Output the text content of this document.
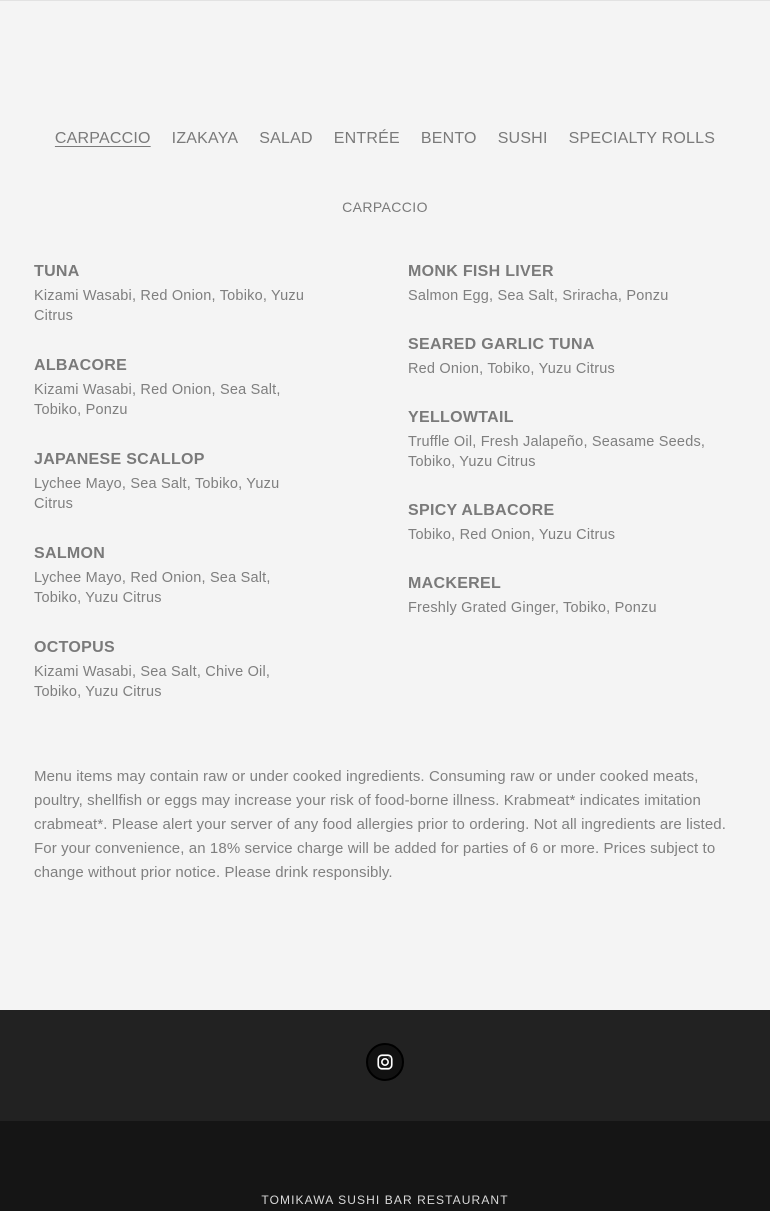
CARPACCIO	IZAKAYA	SALAD	ENTRÉE	BENTO	SUSHI	SPECIALTY ROLLS
CARPACCIO
TUNA
Kizami Wasabi, Red Onion, Tobiko, Yuzu Citrus
ALBACORE
Kizami Wasabi, Red Onion, Sea Salt, Tobiko, Ponzu
JAPANESE SCALLOP
Lychee Mayo, Sea Salt, Tobiko, Yuzu Citrus
SALMON
Lychee Mayo, Red Onion, Sea Salt, Tobiko, Yuzu Citrus
OCTOPUS
Kizami Wasabi, Sea Salt, Chive Oil, Tobiko, Yuzu Citrus
MONK FISH LIVER
Salmon Egg, Sea Salt, Sriracha, Ponzu
SEARED GARLIC TUNA
Red Onion, Tobiko, Yuzu Citrus
YELLOWTAIL
Truffle Oil, Fresh Jalapeño, Seasame Seeds, Tobiko, Yuzu Citrus
SPICY ALBACORE
Tobiko, Red Onion, Yuzu Citrus
MACKEREL
Freshly Grated Ginger, Tobiko, Ponzu

Menu items may contain raw or under cooked ingredients. Consuming raw or under cooked meats, poultry, shellfish or eggs may increase your risk of food-borne illness. Krabmeat* indicates imitation crabmeat*. Please alert your server of any food allergies prior to ordering. Not all ingredients are listed. For your convenience, an 18% service charge will be added for parties of 6 or more. Prices subject to change without prior notice. Please drink responsibly.

TOMIKAWA SUSHI BAR RESTAURANT
